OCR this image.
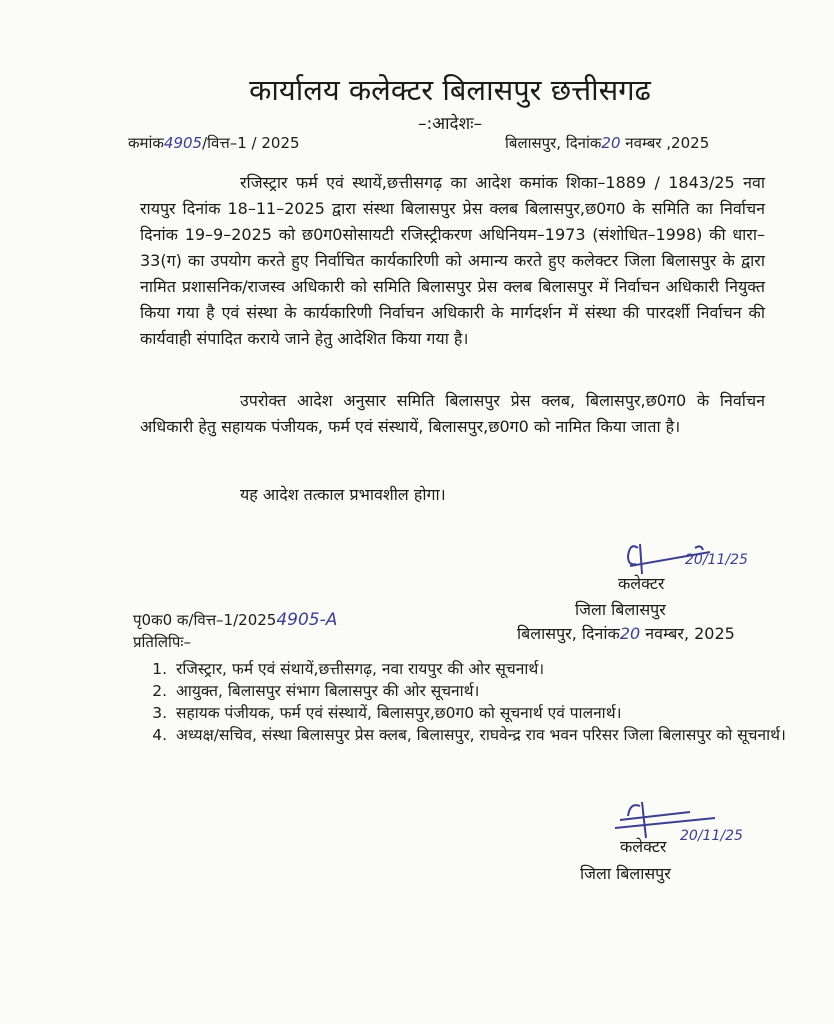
कार्यालय कलेक्टर बिलासपुर छत्तीसगढ
–:आदेशः–
कमांक4905/वित्त–1 / 2025	बिलासपुर, दिनांक20 नवम्बर ,2025

रजिस्ट्रार फर्म एवं स्थायें,छत्तीसगढ़ का आदेश कमांक शिका–1889 / 1843/25 नवा रायपुर दिनांक 18–11–2025 द्वारा संस्था बिलासपुर प्रेस क्लब बिलासपुर,छ0ग0 के समिति का निर्वाचन दिनांक 19–9–2025 को छ0ग0सोसायटी रजिस्ट्रीकरण अधिनियम–1973 (संशोधित–1998) की धारा–33(ग) का उपयोग करते हुए निर्वाचित कार्यकारिणी को अमान्य करते हुए कलेक्टर जिला बिलासपुर के द्वारा नामित प्रशासनिक/राजस्व अधिकारी को समिति बिलासपुर प्रेस क्लब बिलासपुर में निर्वाचन अधिकारी नियुक्त किया गया है एवं संस्था के कार्यकारिणी निर्वाचन अधिकारी के मार्गदर्शन में संस्था की पारदर्शी निर्वाचन की कार्यवाही संपादित कराये जाने हेतु आदेशित किया गया है।

उपरोक्त आदेश अनुसार समिति बिलासपुर प्रेस क्लब, बिलासपुर,छ0ग0 के निर्वाचन अधिकारी हेतु सहायक पंजीयक, फर्म एवं संस्थायें, बिलासपुर,छ0ग0 को नामित किया जाता है।

यह आदेश तत्काल प्रभावशील होगा।

20/11/25
कलेक्टर
जिला बिलासपुर
पृ0क0 क/वित्त–1/20254905-A
बिलासपुर, दिनांक20 नवम्बर, 2025
प्रतिलिपिः–
1. रजिस्ट्रार, फर्म एवं संथायें,छत्तीसगढ़, नवा रायपुर की ओर सूचनार्थ।
2. आयुक्त, बिलासपुर संभाग बिलासपुर की ओर सूचनार्थ।
3. सहायक पंजीयक, फर्म एवं संस्थायें, बिलासपुर,छ0ग0 को सूचनार्थ एवं पालनार्थ।
4. अध्यक्ष/सचिव, संस्था बिलासपुर प्रेस क्लब, बिलासपुर, राघवेन्द्र राव भवन परिसर जिला बिलासपुर को सूचनार्थ।
20/11/25
कलेक्टर
जिला बिलासपुर
